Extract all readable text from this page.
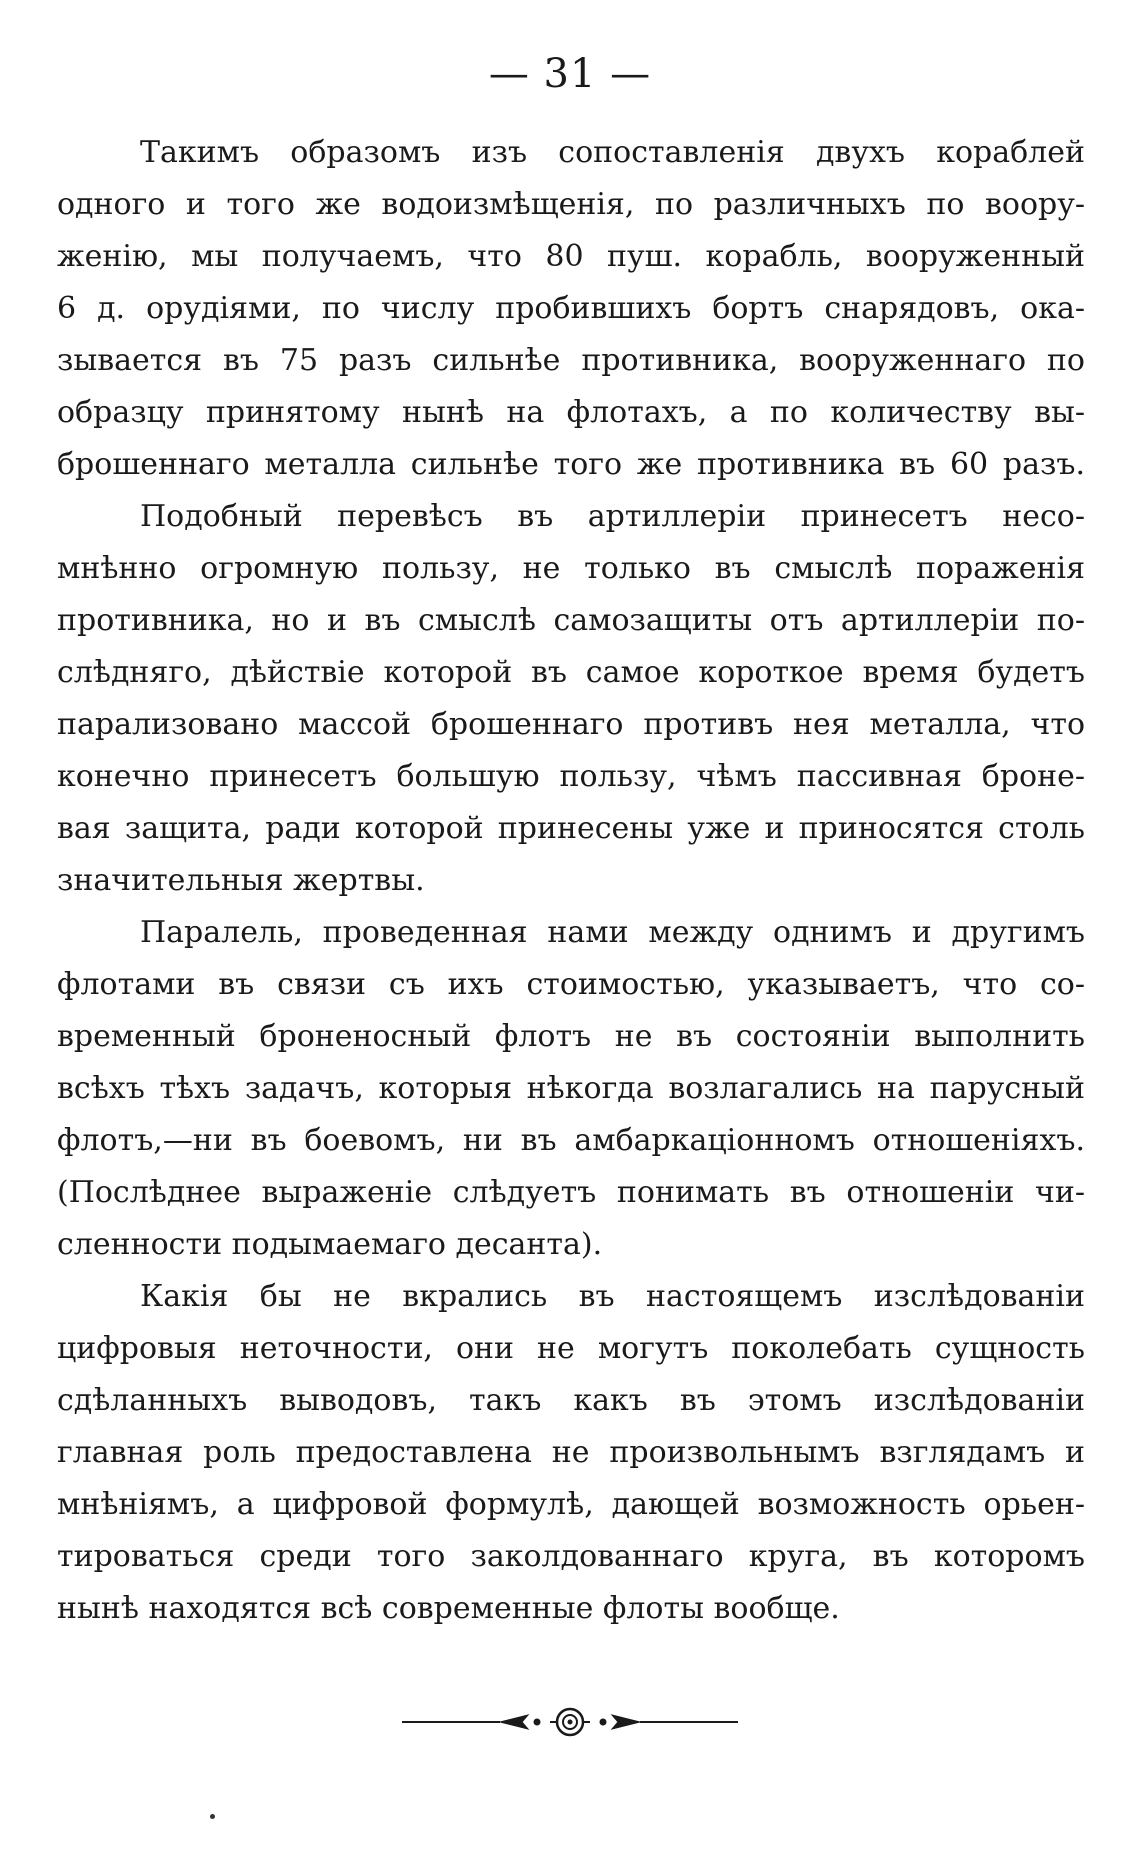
— 31 —
Такимъ образомъ изъ сопоставленія двухъ кораблей
одного и того же водоизмѣщенія, по различныхъ по воору-
женію, мы получаемъ, что 80 пуш. корабль, вооруженный
6 д. орудіями, по числу пробившихъ бортъ снарядовъ, ока-
зывается въ 75 разъ сильнѣе противника, вооруженнаго по
образцу принятому нынѣ на флотахъ, а по количеству вы-
брошеннаго металла сильнѣе того же противника въ 60 разъ.
Подобный перевѣсъ въ артиллеріи принесетъ несо-
мнѣнно огромную пользу, не только въ смыслѣ пораженія
противника, но и въ смыслѣ самозащиты отъ артиллеріи по-
слѣдняго, дѣйствіе которой въ самое короткое время будетъ
парализовано массой брошеннаго противъ нея металла, что
конечно принесетъ большую пользу, чѣмъ пассивная броне-
вая защита, ради которой принесены уже и приносятся столь
значительныя жертвы.
Паралель, проведенная нами между однимъ и другимъ
флотами въ связи съ ихъ стоимостью, указываетъ, что со-
временный броненосный флотъ не въ состояніи выполнить
всѣхъ тѣхъ задачъ, которыя нѣкогда возлагались на парусный
флотъ,—ни въ боевомъ, ни въ амбаркаціонномъ отношеніяхъ.
(Послѣднее выраженіе слѣдуетъ понимать въ отношеніи чи-
сленности подымаемаго десанта).
Какія бы не вкрались въ настоящемъ изслѣдованіи
цифровыя неточности, они не могутъ поколебать сущность
сдѣланныхъ выводовъ, такъ какъ въ этомъ изслѣдованіи
главная роль предоставлена не произвольнымъ взглядамъ и
мнѣніямъ, а цифровой формулѣ, дающей возможность орьен-
тироваться среди того заколдованнаго круга, въ которомъ
нынѣ находятся всѣ современные флоты вообще.
